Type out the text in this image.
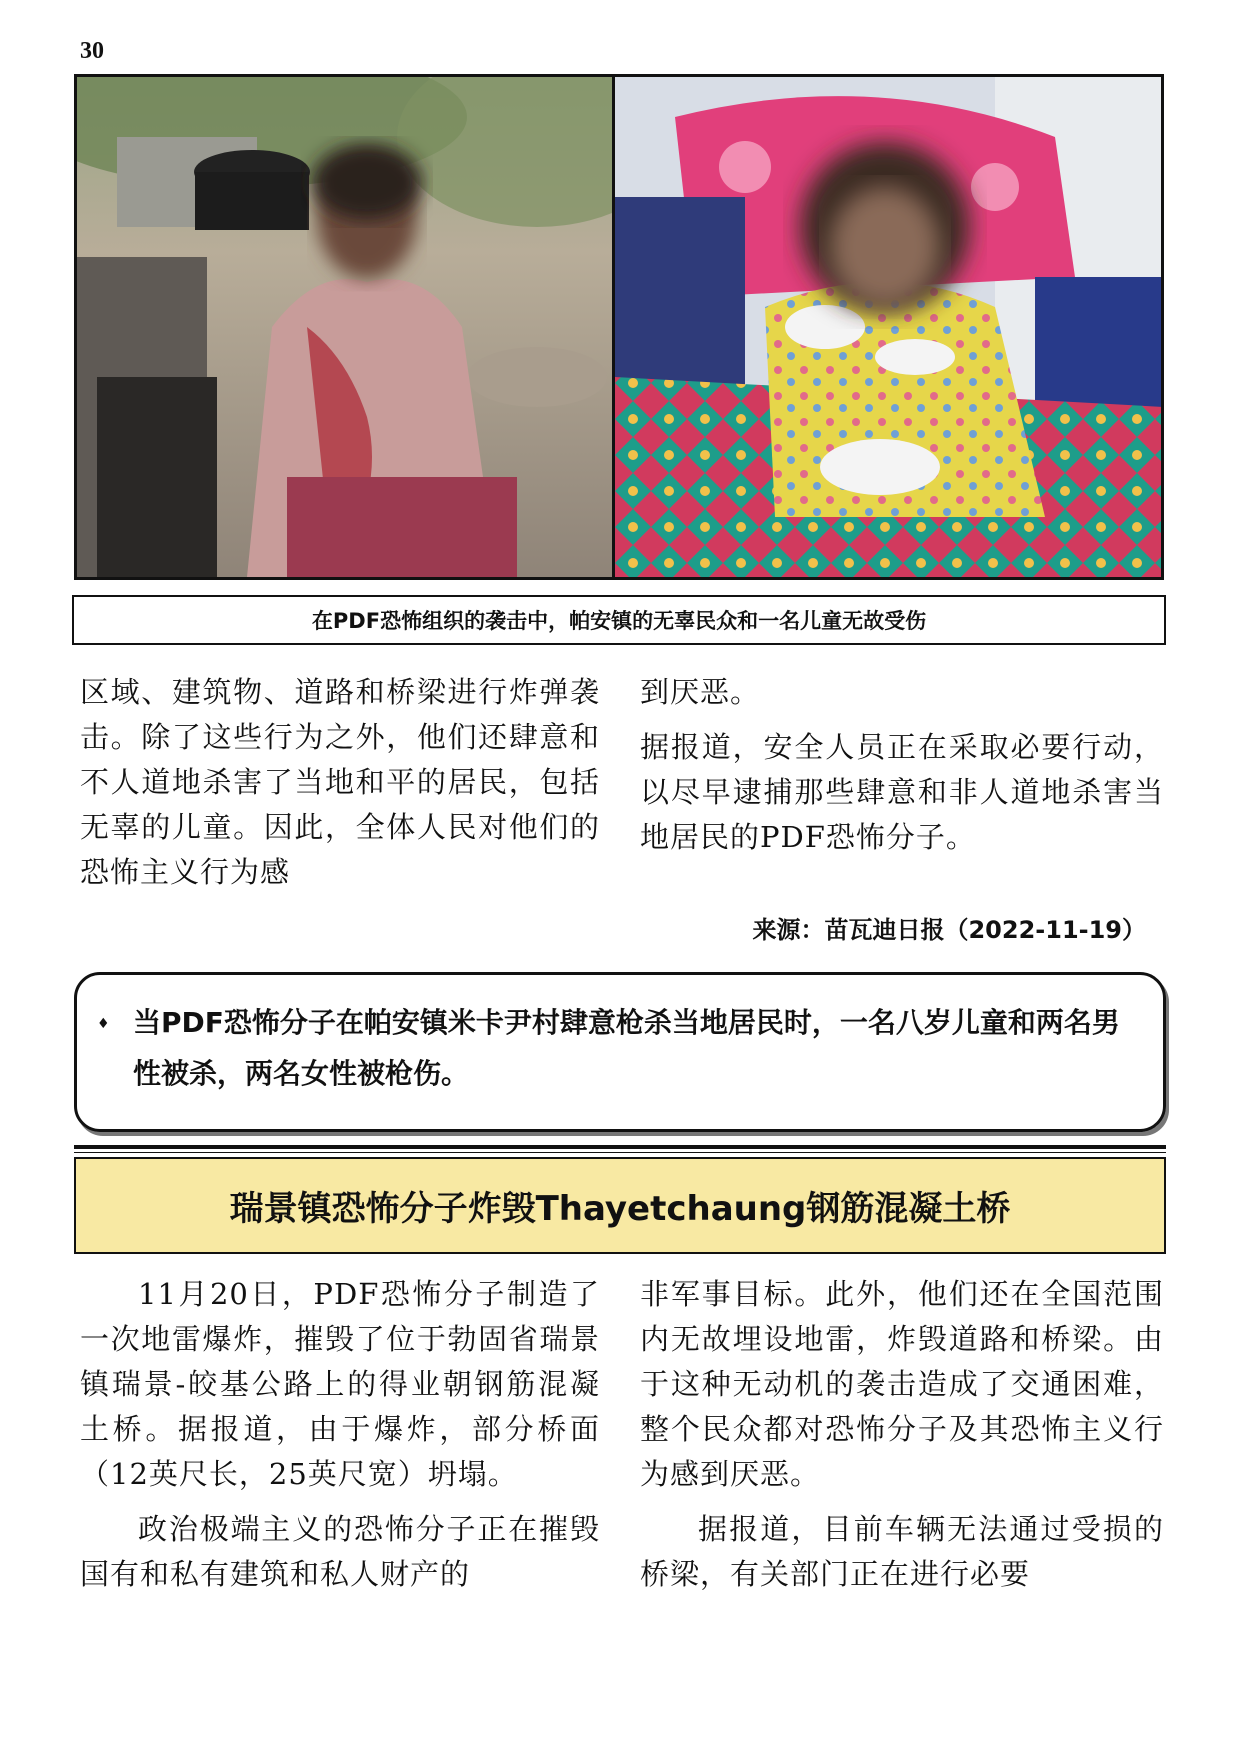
30
在PDF恐怖组织的袭击中，帕安镇的无辜民众和一名儿童无故受伤

区域、建筑物、道路和桥梁进行炸弹袭击。除了这些行为之外，他们还肆意和不人道地杀害了当地和平的居民，包括无辜的儿童。因此，全体人民对他们的恐怖主义行为感

到厌恶。

据报道，安全人员正在采取必要行动，以尽早逮捕那些肆意和非人道地杀害当地居民的PDF恐怖分子。

来源：苗瓦迪日报（2022-11-19）
♦ 当PDF恐怖分子在帕安镇米卡尹村肆意枪杀当地居民时，一名八岁儿童和两名男性被杀，两名女性被枪伤。
瑞景镇恐怖分子炸毁Thayetchaung钢筋混凝土桥

11月20日，PDF恐怖分子制造了一次地雷爆炸，摧毁了位于勃固省瑞景镇瑞景-皎基公路上的得业朝钢筋混凝土桥。据报道，由于爆炸，部分桥面（12英尺长，25英尺宽）坍塌。

政治极端主义的恐怖分子正在摧毁国有和私有建筑和私人财产的

非军事目标。此外，他们还在全国范围内无故埋设地雷，炸毁道路和桥梁。由于这种无动机的袭击造成了交通困难，整个民众都对恐怖分子及其恐怖主义行为感到厌恶。

据报道，目前车辆无法通过受损的桥梁，有关部门正在进行必要
